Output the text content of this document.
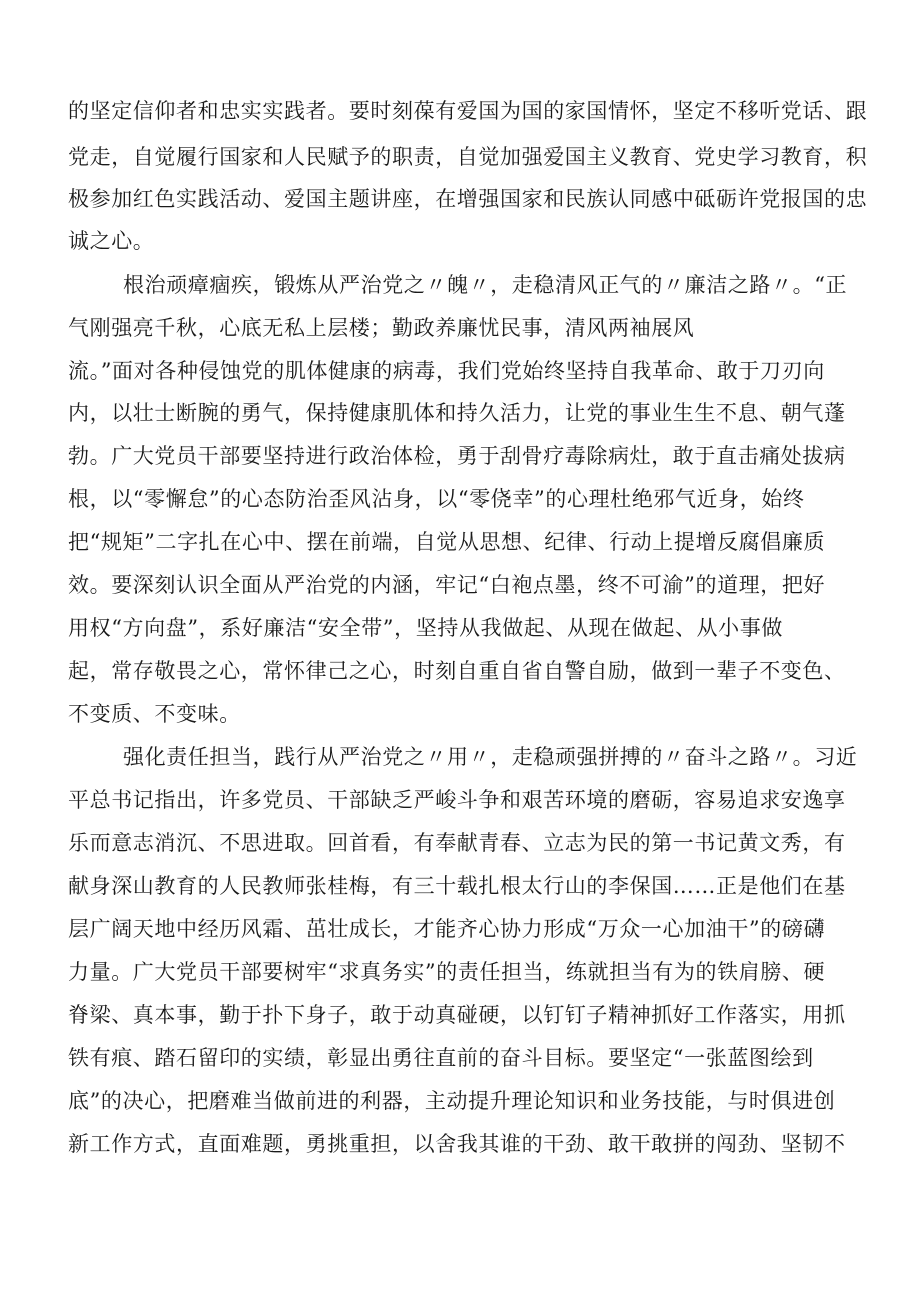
的坚定信仰者和忠实实践者。要时刻葆有爱国为国的家国情怀，坚定不移听党话、跟
党走，自觉履行国家和人民赋予的职责，自觉加强爱国主义教育、党史学习教育，积
极参加红色实践活动、爱国主题讲座，在增强国家和民族认同感中砥砺许党报国的忠
诚之心。
根治顽瘴痼疾，锻炼从严治党之〃魄〃，走稳清风正气的〃廉洁之路〃。“正
气刚强亮千秋，心底无私上层楼；勤政养廉忧民事，清风两袖展风
流。”面对各种侵蚀党的肌体健康的病毒，我们党始终坚持自我革命、敢于刀刃向
内，以壮士断腕的勇气，保持健康肌体和持久活力，让党的事业生生不息、朝气蓬
勃。广大党员干部要坚持进行政治体检，勇于刮骨疗毒除病灶，敢于直击痛处拔病
根，以“零懈怠”的心态防治歪风沾身，以“零侥幸”的心理杜绝邪气近身，始终
把“规矩”二字扎在心中、摆在前端，自觉从思想、纪律、行动上提增反腐倡廉质
效。要深刻认识全面从严治党的内涵，牢记“白袍点墨，终不可渝”的道理，把好
用权“方向盘”，系好廉洁“安全带”，坚持从我做起、从现在做起、从小事做
起，常存敬畏之心，常怀律己之心，时刻自重自省自警自励，做到一辈子不变色、
不变质、不变味。
强化责任担当，践行从严治党之〃用〃，走稳顽强拼搏的〃奋斗之路〃。习近
平总书记指出，许多党员、干部缺乏严峻斗争和艰苦环境的磨砺，容易追求安逸享
乐而意志消沉、不思进取。回首看，有奉献青春、立志为民的第一书记黄文秀，有
献身深山教育的人民教师张桂梅，有三十载扎根太行山的李保国……正是他们在基
层广阔天地中经历风霜、茁壮成长，才能齐心协力形成“万众一心加油干”的磅礴
力量。广大党员干部要树牢“求真务实”的责任担当，练就担当有为的铁肩膀、硬
脊梁、真本事，勤于扑下身子，敢于动真碰硬，以钉钉子精神抓好工作落实，用抓
铁有痕、踏石留印的实绩，彰显出勇往直前的奋斗目标。要坚定“一张蓝图绘到
底”的决心，把磨难当做前进的利器，主动提升理论知识和业务技能，与时俱进创
新工作方式，直面难题，勇挑重担，以舍我其谁的干劲、敢干敢拼的闯劲、坚韧不
